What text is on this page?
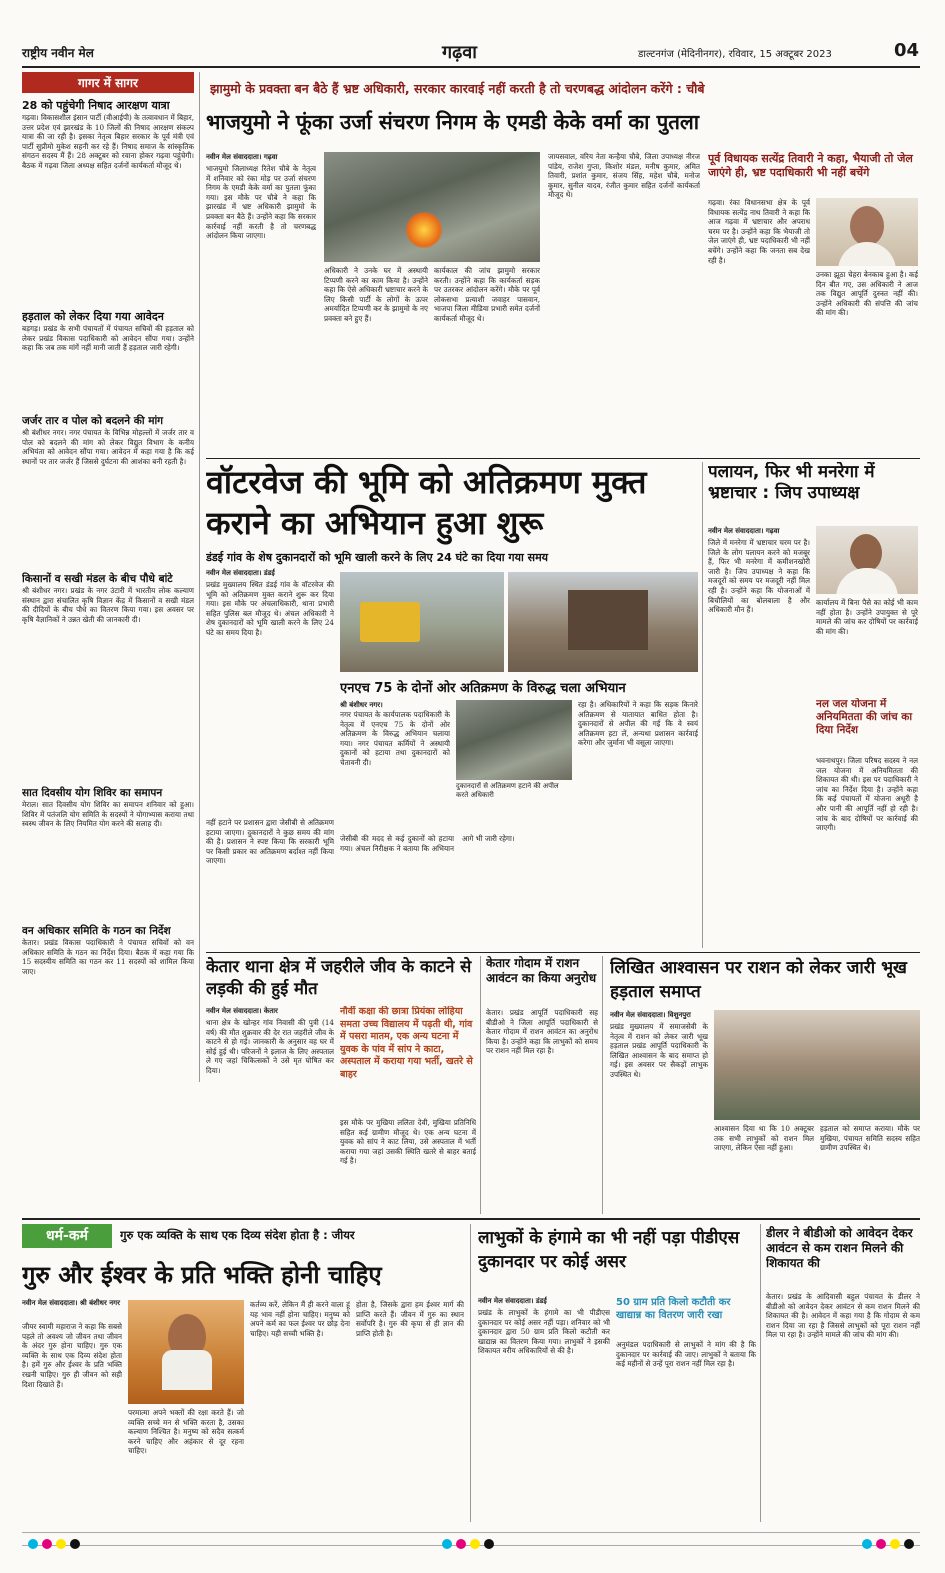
राष्ट्रीय नवीन मेल	गढ़वा	डाल्टनगंज (मेदिनीनगर), रविवार, 15 अक्टूबर 2023	04
गागर में सागर
28 को पहुंचेगी निषाद आरक्षण यात्रा
गढ़वा। विकासशील इंसान पार्टी (वीआईपी) के तत्वावधान में बिहार, उत्तर प्रदेश एवं झारखंड के 10 जिलों की निषाद आरक्षण संकल्प यात्रा की जा रही है। इसका नेतृत्व बिहार सरकार के पूर्व मंत्री एवं पार्टी सुप्रीमो मुकेश सहनी कर रहे हैं। निषाद समाज के सांस्कृतिक संगठन सदस्य मैं हैं। 28 अक्टूबर को रवाना होकर गढ़वा पहुंचेगी। बैठक में गढ़वा जिला अध्यक्ष सहित दर्जनों कार्यकर्ता मौजूद थे।
हड़ताल को लेकर दिया गया आवेदन
बड़गड़। प्रखंड के सभी पंचायतों में पंचायत सचिवों की हड़ताल को लेकर प्रखंड विकास पदाधिकारी को आवेदन सौंपा गया। उन्होंने कहा कि जब तक मांगें नहीं मानी जाती हैं हड़ताल जारी रहेगी।
जर्जर तार व पोल को बदलने की मांग
श्री बंशीधर नगर। नगर पंचायत के विभिन्न मोहल्लों में जर्जर तार व पोल को बदलने की मांग को लेकर विद्युत विभाग के कनीय अभियंता को आवेदन सौंपा गया। आवेदन में कहा गया है कि कई स्थानों पर तार जर्जर हैं जिससे दुर्घटना की आशंका बनी रहती है।
किसानों व सखी मंडल के बीच पौधे बांटे
श्री बंशीधर नगर। प्रखंड के नगर उंटारी में भारतीय लोक कल्याण संस्थान द्वारा संचालित कृषि विज्ञान केंद्र में किसानों व सखी मंडल की दीदियों के बीच पौधे का वितरण किया गया। इस अवसर पर कृषि वैज्ञानिकों ने उन्नत खेती की जानकारी दी।
सात दिवसीय योग शिविर का समापन
मेराल। सात दिवसीय योग शिविर का समापन शनिवार को हुआ। शिविर में पतंजलि योग समिति के सदस्यों ने योगाभ्यास कराया तथा स्वस्थ जीवन के लिए नियमित योग करने की सलाह दी।
वन अधिकार समिति के गठन का निर्देश
केतार। प्रखंड विकास पदाधिकारी ने पंचायत सचिवों को वन अधिकार समिति के गठन का निर्देश दिया। बैठक में कहा गया कि 15 सदस्यीय समिति का गठन कर 11 सदस्यों को शामिल किया जाए।
झामुमो के प्रवक्ता बन बैठे हैं भ्रष्ट अधिकारी, सरकार कारवाई नहीं करती है तो चरणबद्ध आंदोलन करेंगे : चौबे
भाजयुमो ने फूंका उर्जा संचरण निगम के एमडी केके वर्मा का पुतला
नवीन मेल संवाददाता। गढ़वा
भाजयुमो जिलाध्यक्ष रितेश चौबे के नेतृत्व में शनिवार को रंका मोड़ पर उर्जा संचरण निगम के एमडी केके वर्मा का पुतला फूंका गया। इस मौके पर चौबे ने कहा कि झारखंड में भ्रष्ट अधिकारी झामुमो के प्रवक्ता बन बैठे हैं। उन्होंने कहा कि सरकार कार्रवाई नहीं करती है तो चरणबद्ध आंदोलन किया जाएगा।
अधिकारी ने उनके घर में अस्थायी टिप्पणी करने का काम किया है। उन्होंने कहा कि ऐसे अधिकारी भ्रष्टाचार करने के लिए किसी पार्टी के लोगों के ऊपर अमर्यादित टिप्पणी कर के झामुमो के नए प्रवक्ता बने हुए हैं।
कार्यकाल की जांच झामुमो सरकार करती। उन्होंने कहा कि कार्यकर्ता सड़क पर उतरकर आंदोलन करेंगे। मौके पर पूर्व लोकसभा प्रत्याशी जवाहर पासवान, भाजपा जिला मीडिया प्रभारी समेत दर्जनों कार्यकर्ता मौजूद थे।
जायसवाल, वरिय नेता कन्हैया चौबे, जिला उपाध्यक्ष नीरज पांडेय, राजेश गुप्ता, किशोर मंडल, मनीष कुमार, अमित तिवारी, प्रशांत कुमार, संजय सिंह, महेश चौबे, मनोज कुमार, सुनील यादव, रंजीत कुमार सहित दर्जनों कार्यकर्ता मौजूद थे।
पूर्व विधायक सत्येंद्र तिवारी ने कहा, भैयाजी तो जेल जाएंगे ही, भ्रष्ट पदाधिकारी भी नहीं बचेंगे
गढ़वा। रंका विधानसभा क्षेत्र के पूर्व विधायक सत्येंद्र नाथ तिवारी ने कहा कि आज गढ़वा में भ्रष्टाचार और अपराध चरम पर है। उन्होंने कहा कि भैयाजी तो जेल जाएंगे ही, भ्रष्ट पदाधिकारी भी नहीं बचेंगे। उन्होंने कहा कि जनता सब देख रही है।
उनका झूठा चेहरा बेनकाब हुआ है। कई दिन बीत गए, उस अधिकारी ने आज तक विद्युत आपूर्ति दुरुस्त नहीं की। उन्होंने अधिकारी की संपत्ति की जांच की मांग की।
वॉटरवेज की भूमि को अतिक्रमण मुक्त कराने का अभियान हुआ शुरू
डंडई गांव के शेष दुकानदारों को भूमि खाली करने के लिए 24 घंटे का दिया गया समय
नवीन मेल संवाददाता। डंडई
प्रखंड मुख्यालय स्थित डंडई गांव के वॉटरवेज की भूमि को अतिक्रमण मुक्त कराने शुरू कर दिया गया। इस मौके पर अंचलाधिकारी, थाना प्रभारी सहित पुलिस बल मौजूद थे। अंचल अधिकारी ने शेष दुकानदारों को भूमि खाली करने के लिए 24 घंटे का समय दिया है।
नहीं हटाने पर प्रशासन द्वारा जेसीबी से अतिक्रमण हटाया जाएगा। दुकानदारों ने कुछ समय की मांग की है। प्रशासन ने स्पष्ट किया कि सरकारी भूमि पर किसी प्रकार का अतिक्रमण बर्दाश्त नहीं किया जाएगा।
एनएच 75 के दोनों ओर अतिक्रमण के विरुद्ध चला अभियान
श्री बंशीधर नगर।
नगर पंचायत के कार्यपालक पदाधिकारी के नेतृत्व में एनएच 75 के दोनों ओर अतिक्रमण के विरुद्ध अभियान चलाया गया। नगर पंचायत कर्मियों ने अस्थायी दुकानों को हटाया तथा दुकानदारों को चेतावनी दी।
दुकानदारों से अतिक्रमण हटाने की अपील करते अधिकारी
रहा है। अधिकारियों ने कहा कि सड़क किनारे अतिक्रमण से यातायात बाधित होता है। दुकानदारों से अपील की गई कि वे स्वयं अतिक्रमण हटा लें, अन्यथा प्रशासन कार्रवाई करेगा और जुर्माना भी वसूला जाएगा।
जेसीबी की मदद से कई दुकानों को हटाया गया। अंचल निरीक्षक ने बताया कि अभियान आगे भी जारी रहेगा।
पलायन, फिर भी मनरेगा में भ्रष्टाचार : जिप उपाध्यक्ष
नवीन मेल संवाददाता। गढ़वा
जिले में मनरेगा में भ्रष्टाचार चरम पर है। जिले के लोग पलायन करने को मजबूर हैं, फिर भी मनरेगा में कमीशनखोरी जारी है। जिप उपाध्यक्ष ने कहा कि मजदूरों को समय पर मजदूरी नहीं मिल रही है। उन्होंने कहा कि योजनाओं में बिचौलियों का बोलबाला है और अधिकारी मौन हैं।
कार्यालय में बिना पैसे का कोई भी काम नहीं होता है। उन्होंने उपायुक्त से पूरे मामले की जांच कर दोषियों पर कार्रवाई की मांग की।
नल जल योजना में अनियमितता की जांच का दिया निर्देश
भवनाथपुर। जिला परिषद सदस्य ने नल जल योजना में अनियमितता की शिकायत की थी। इस पर पदाधिकारी ने जांच का निर्देश दिया है। उन्होंने कहा कि कई पंचायतों में योजना अधूरी है और पानी की आपूर्ति नहीं हो रही है। जांच के बाद दोषियों पर कार्रवाई की जाएगी।
केतार थाना क्षेत्र में जहरीले जीव के काटने से लड़की की हुई मौत
नवीन मेल संवाददाता। केतार
थाना क्षेत्र के खोन्हर गांव निवासी की पुत्री (14 वर्ष) की मौत शुक्रवार की देर रात जहरीले जीव के काटने से हो गई। जानकारी के अनुसार वह घर में सोई हुई थी। परिजनों ने इलाज के लिए अस्पताल ले गए जहां चिकित्सकों ने उसे मृत घोषित कर दिया।
नौवीं कक्षा की छात्रा प्रियंका लोहिया समता उच्च विद्यालय में पढ़ती थी, गांव में पसरा मातम, एक अन्य घटना में युवक के पांव में सांप ने काटा, अस्पताल में कराया गया भर्ती, खतरे से बाहर
इस मौके पर मुखिया ललिता देवी, मुखिया प्रतिनिधि सहित कई ग्रामीण मौजूद थे। एक अन्य घटना में युवक को सांप ने काट लिया, उसे अस्पताल में भर्ती कराया गया जहां उसकी स्थिति खतरे से बाहर बताई गई है।
केतार गोदाम में राशन आवंटन का किया अनुरोध
केतार। प्रखंड आपूर्ति पदाधिकारी सह बीडीओ ने जिला आपूर्ति पदाधिकारी से केतार गोदाम में राशन आवंटन का अनुरोध किया है। उन्होंने कहा कि लाभुकों को समय पर राशन नहीं मिल रहा है।
लिखित आश्वासन पर राशन को लेकर जारी भूख हड़ताल समाप्त
नवीन मेल संवाददाता। विशुनपुरा
प्रखंड मुख्यालय में समाजसेवी के नेतृत्व में राशन को लेकर जारी भूख हड़ताल प्रखंड आपूर्ति पदाधिकारी के लिखित आश्वासन के बाद समाप्त हो गई। इस अवसर पर सैकड़ों लाभुक उपस्थित थे।
आश्वासन दिया था कि 10 अक्टूबर तक सभी लाभुकों को राशन मिल जाएगा, लेकिन ऐसा नहीं हुआ।
हड़ताल को समाप्त कराया। मौके पर मुखिया, पंचायत समिति सदस्य सहित ग्रामीण उपस्थित थे।
धर्म-कर्म	गुरु एक व्यक्ति के साथ एक दिव्य संदेश होता है : जीयर
गुरु और ईश्वर के प्रति भक्ति होनी चाहिए
नवीन मेल संवाददाता। श्री बंशीधर नगर
जीयर स्वामी महाराज ने कहा कि सबसे पहले तो अवश्य जो जीवन तथा जीवन के अंदर गुरु होना चाहिए। गुरु एक व्यक्ति के साथ एक दिव्य संदेश होता है। हमें गुरु और ईश्वर के प्रति भक्ति रखनी चाहिए। गुरु ही जीवन को सही दिशा दिखाते हैं।
परमात्मा अपने भक्तों की रक्षा करते हैं। जो व्यक्ति सच्चे मन से भक्ति करता है, उसका कल्याण निश्चित है। मनुष्य को सदैव सत्कर्म करने चाहिए और अहंकार से दूर रहना चाहिए।
कर्तव्य करें, लेकिन मैं ही करने वाला हूं यह भाव नहीं होना चाहिए। मनुष्य को अपने कर्म का फल ईश्वर पर छोड़ देना चाहिए। यही सच्ची भक्ति है।
होता है, जिसके द्वारा हम ईश्वर मार्ग की प्राप्ति करते हैं। जीवन में गुरु का स्थान सर्वोपरि है। गुरु की कृपा से ही ज्ञान की प्राप्ति होती है।
लाभुकों के हंगामे का भी नहीं पड़ा पीडीएस दुकानदार पर कोई असर
नवीन मेल संवाददाता। डंडई
प्रखंड के लाभुकों के हंगामे का भी पीडीएस दुकानदार पर कोई असर नहीं पड़ा। शनिवार को भी दुकानदार द्वारा 50 ग्राम प्रति किलो कटौती कर खाद्यान्न का वितरण किया गया। लाभुकों ने इसकी शिकायत वरीय अधिकारियों से की है।
50 ग्राम प्रति किलो कटौती कर खाद्यान्न का वितरण जारी रखा
अनुमंडल पदाधिकारी से लाभुकों ने मांग की है कि दुकानदार पर कार्रवाई की जाए। लाभुकों ने बताया कि कई महीनों से उन्हें पूरा राशन नहीं मिल रहा है।
डीलर ने बीडीओ को आवेदन देकर आवंटन से कम राशन मिलने की शिकायत की
केतार। प्रखंड के आदिवासी बहुल पंचायत के डीलर ने बीडीओ को आवेदन देकर आवंटन से कम राशन मिलने की शिकायत की है। आवेदन में कहा गया है कि गोदाम से कम राशन दिया जा रहा है जिससे लाभुकों को पूरा राशन नहीं मिल पा रहा है। उन्होंने मामले की जांच की मांग की।
